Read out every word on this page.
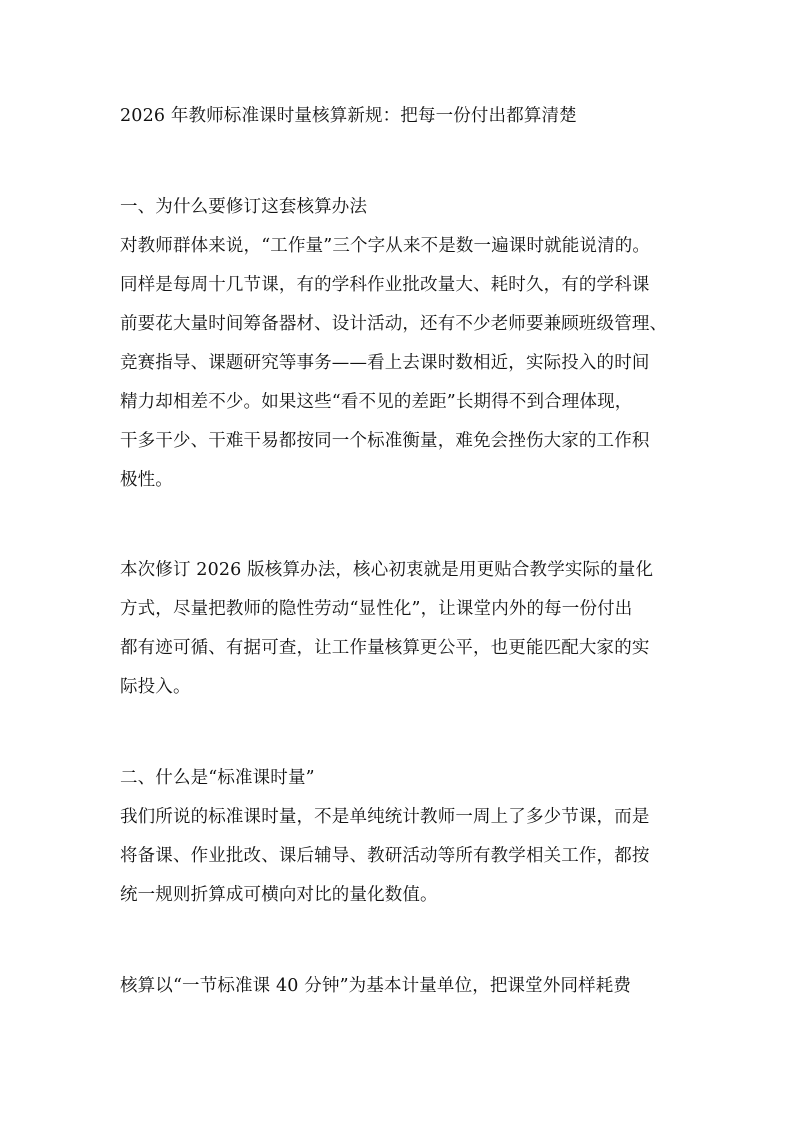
2026 年教师标准课时量核算新规：把每一份付出都算清楚
一、为什么要修订这套核算办法
对教师群体来说，“工作量”三个字从来不是数一遍课时就能说清的。
同样是每周十几节课，有的学科作业批改量大、耗时久，有的学科课
前要花大量时间筹备器材、设计活动，还有不少老师要兼顾班级管理、
竞赛指导、课题研究等事务——看上去课时数相近，实际投入的时间
精力却相差不少。如果这些“看不见的差距”长期得不到合理体现，
干多干少、干难干易都按同一个标准衡量，难免会挫伤大家的工作积
极性。
本次修订 2026 版核算办法，核心初衷就是用更贴合教学实际的量化
方式，尽量把教师的隐性劳动“显性化”，让课堂内外的每一份付出
都有迹可循、有据可查，让工作量核算更公平，也更能匹配大家的实
际投入。
二、什么是“标准课时量”
我们所说的标准课时量，不是单纯统计教师一周上了多少节课，而是
将备课、作业批改、课后辅导、教研活动等所有教学相关工作，都按
统一规则折算成可横向对比的量化数值。
核算以“一节标准课 40 分钟”为基本计量单位，把课堂外同样耗费
